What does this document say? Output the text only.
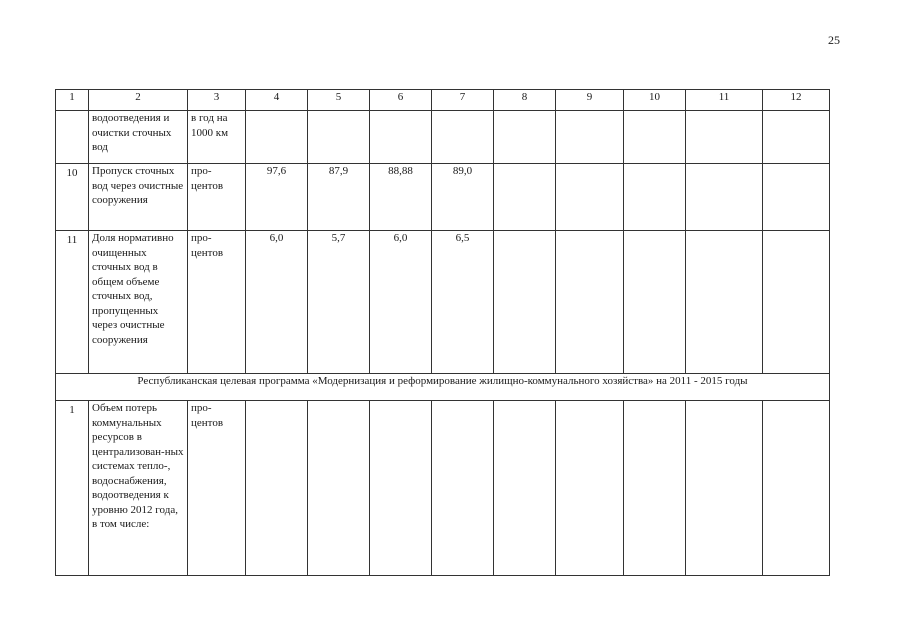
25
1	2	3	4	5	6	7	8	9	10	11	12
	водоотведения и очистки сточных вод	в год на 1000 км									
10	Пропуск сточных вод через очистные сооружения	про-центов	97,6	87,9	88,88	89,0					
11	Доля нормативно очищенных сточных вод в общем объеме сточных вод, пропущенных через очистные сооружения	про-центов	6,0	5,7	6,0	6,5					
Республиканская целевая программа «Модернизация и реформирование жилищно-коммунального хозяйства» на 2011 - 2015 годы											
1	Объем потерь коммунальных ресурсов в централизован-ных системах тепло-, водоснабжения, водоотведения к уровню 2012 года, в том числе:	про-центов									
